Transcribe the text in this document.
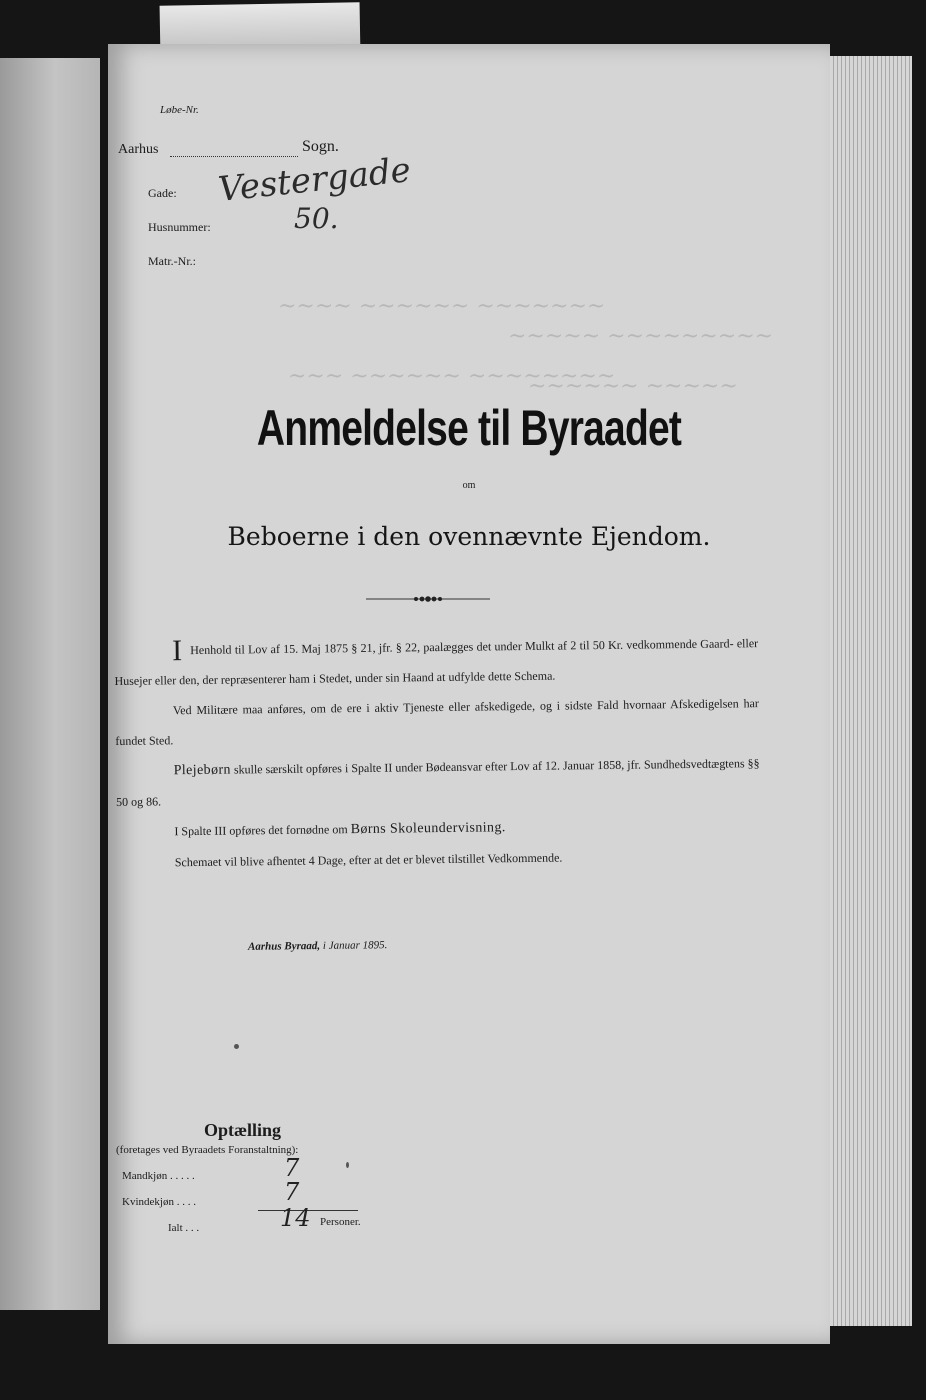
~~~~ ~~~~~~ ~~~~~~~
~~~~~ ~~~~~~~~~
~~~ ~~~~~~ ~~~~~~~~
~~~~~~ ~~~~~
Løbe-Nr.
Aarhus	Sogn.
Gade: Vestergade
Husnummer:	50.
Matr.-Nr.:
Anmeldelse til Byraadet
om
Beboerne i den ovennævnte Ejendom.

I Henhold til Lov af 15. Maj 1875 § 21, jfr. § 22, paalægges det under Mulkt af 2 til 50 Kr. vedkommende Gaard- eller Husejer eller den, der repræsenterer ham i Stedet, under sin Haand at udfylde dette Schema.

Ved Militære maa anføres, om de ere i aktiv Tjeneste eller afskedigede, og i sidste Fald hvornaar Afskedigelsen har fundet Sted.

Plejebørn skulle særskilt opføres i Spalte II under Bødeansvar efter Lov af 12. Januar 1858, jfr. Sundhedsvedtægtens §§ 50 og 86.

I Spalte III opføres det fornødne om Børns Skoleundervisning.

Schemaet vil blive afhentet 4 Dage, efter at det er blevet tilstillet Vedkommende.

Aarhus Byraad, i Januar 1895.
Optælling
(foretages ved Byraadets Foranstaltning):
Mandkjøn . . . . .	7
Kvindekjøn . . . .	7
Ialt . . .	14 Personer.
